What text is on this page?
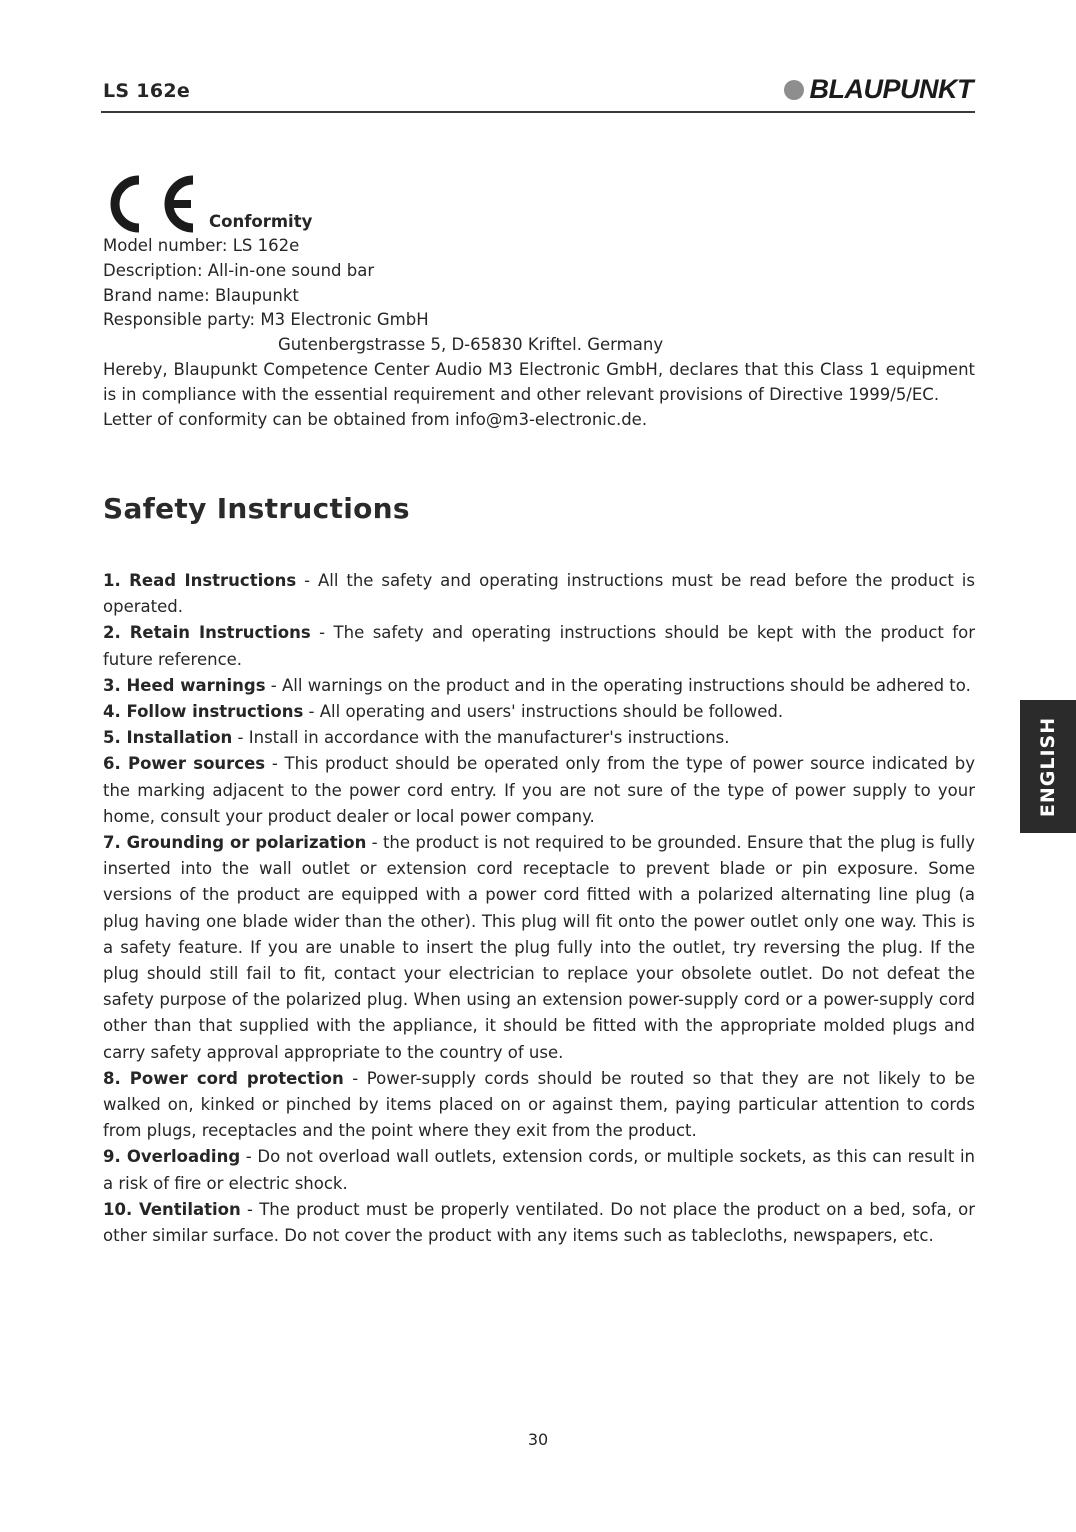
LS 162e	BLAUPUNKT
Conformity
Model number: LS 162e
Description: All-in-one sound bar
Brand name: Blaupunkt
Responsible party: M3 Electronic GmbH
Gutenbergstrasse 5, D-65830 Kriftel. Germany
Hereby, Blaupunkt Competence Center Audio M3 Electronic GmbH, declares that this Class 1 equipment is in compliance with the essential requirement and other relevant provisions of Directive 1999/5/EC.
Letter of conformity can be obtained from info@m3-electronic.de.
Safety Instructions

1. Read Instructions - All the safety and operating instructions must be read before the product is operated.

2. Retain Instructions - The safety and operating instructions should be kept with the product for future reference.

3. Heed warnings - All warnings on the product and in the operating instructions should be adhered to.

4. Follow instructions - All operating and users' instructions should be followed.

5. Installation - Install in accordance with the manufacturer's instructions.

6. Power sources - This product should be operated only from the type of power source indicated by the marking adjacent to the power cord entry. If you are not sure of the type of power supply to your home, consult your product dealer or local power company.

7. Grounding or polarization - the product is not required to be grounded. Ensure that the plug is fully inserted into the wall outlet or extension cord receptacle to prevent blade or pin exposure. Some versions of the product are equipped with a power cord fitted with a polarized alternating line plug (a plug having one blade wider than the other). This plug will fit onto the power outlet only one way. This is a safety feature. If you are unable to insert the plug fully into the outlet, try reversing the plug. If the plug should still fail to fit, contact your electrician to replace your obsolete outlet. Do not defeat the safety purpose of the polarized plug. When using an extension power-supply cord or a power-supply cord other than that supplied with the appliance, it should be fitted with the appropriate molded plugs and carry safety approval appropriate to the country of use.

8. Power cord protection - Power-supply cords should be routed so that they are not likely to be walked on, kinked or pinched by items placed on or against them, paying particular attention to cords from plugs, receptacles and the point where they exit from the product.

9. Overloading - Do not overload wall outlets, extension cords, or multiple sockets, as this can result in a risk of fire or electric shock.

10. Ventilation - The product must be properly ventilated. Do not place the product on a bed, sofa, or other similar surface. Do not cover the product with any items such as tablecloths, newspapers, etc.

30
ENGLISH
